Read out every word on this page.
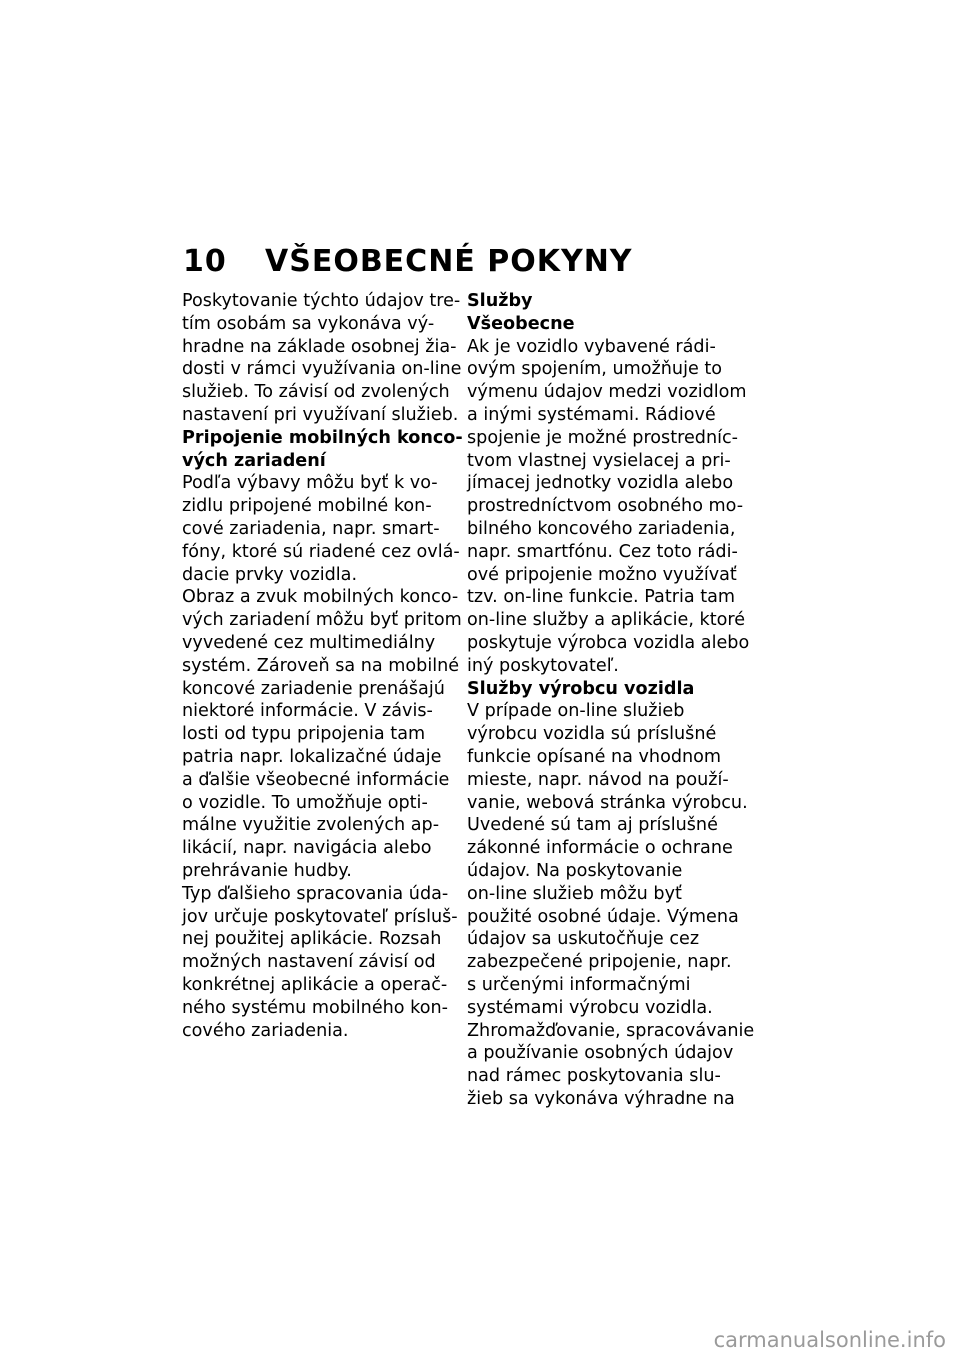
10	VŠEOBECNÉ POKYNY
Poskytovanie týchto údajov tre-
tím osobám sa vykonáva vý-
hradne na základe osobnej žia-
dosti v rámci využívania on-line
služieb. To závisí od zvolených
nastavení pri využívaní služieb.
Pripojenie mobilných konco-
vých zariadení
Podľa výbavy môžu byť k vo-
zidlu pripojené mobilné kon-
cové zariadenia, napr. smart-
fóny, ktoré sú riadené cez ovlá-
dacie prvky vozidla.
Obraz a zvuk mobilných konco-
vých zariadení môžu byť pritom
vyvedené cez multimediálny
systém. Zároveň sa na mobilné
koncové zariadenie prenášajú
niektoré informácie. V závis-
losti od typu pripojenia tam
patria napr. lokalizačné údaje
a ďalšie všeobecné informácie
o vozidle. To umožňuje opti-
málne využitie zvolených ap-
likácií, napr. navigácia alebo
prehrávanie hudby.
Typ ďalšieho spracovania úda-
jov určuje poskytovateľ prísluš-
nej použitej aplikácie. Rozsah
možných nastavení závisí od
konkrétnej aplikácie a operač-
ného systému mobilného kon-
cového zariadenia.
Služby
Všeobecne
Ak je vozidlo vybavené rádi-
ovým spojením, umožňuje to
výmenu údajov medzi vozidlom
a inými systémami. Rádiové
spojenie je možné prostredníc-
tvom vlastnej vysielacej a pri-
jímacej jednotky vozidla alebo
prostredníctvom osobného mo-
bilného koncového zariadenia,
napr. smartfónu. Cez toto rádi-
ové pripojenie možno využívať
tzv. on-line funkcie. Patria tam
on-line služby a aplikácie, ktoré
poskytuje výrobca vozidla alebo
iný poskytovateľ.
Služby výrobcu vozidla
V prípade on-line služieb
výrobcu vozidla sú príslušné
funkcie opísané na vhodnom
mieste, napr. návod na použí-
vanie, webová stránka výrobcu.
Uvedené sú tam aj príslušné
zákonné informácie o ochrane
údajov. Na poskytovanie
on-line služieb môžu byť
použité osobné údaje. Výmena
údajov sa uskutočňuje cez
zabezpečené pripojenie, napr.
s určenými informačnými
systémami výrobcu vozidla.
Zhromažďovanie, spracovávanie
a používanie osobných údajov
nad rámec poskytovania slu-
žieb sa vykonáva výhradne na
carmanualsonline.info
